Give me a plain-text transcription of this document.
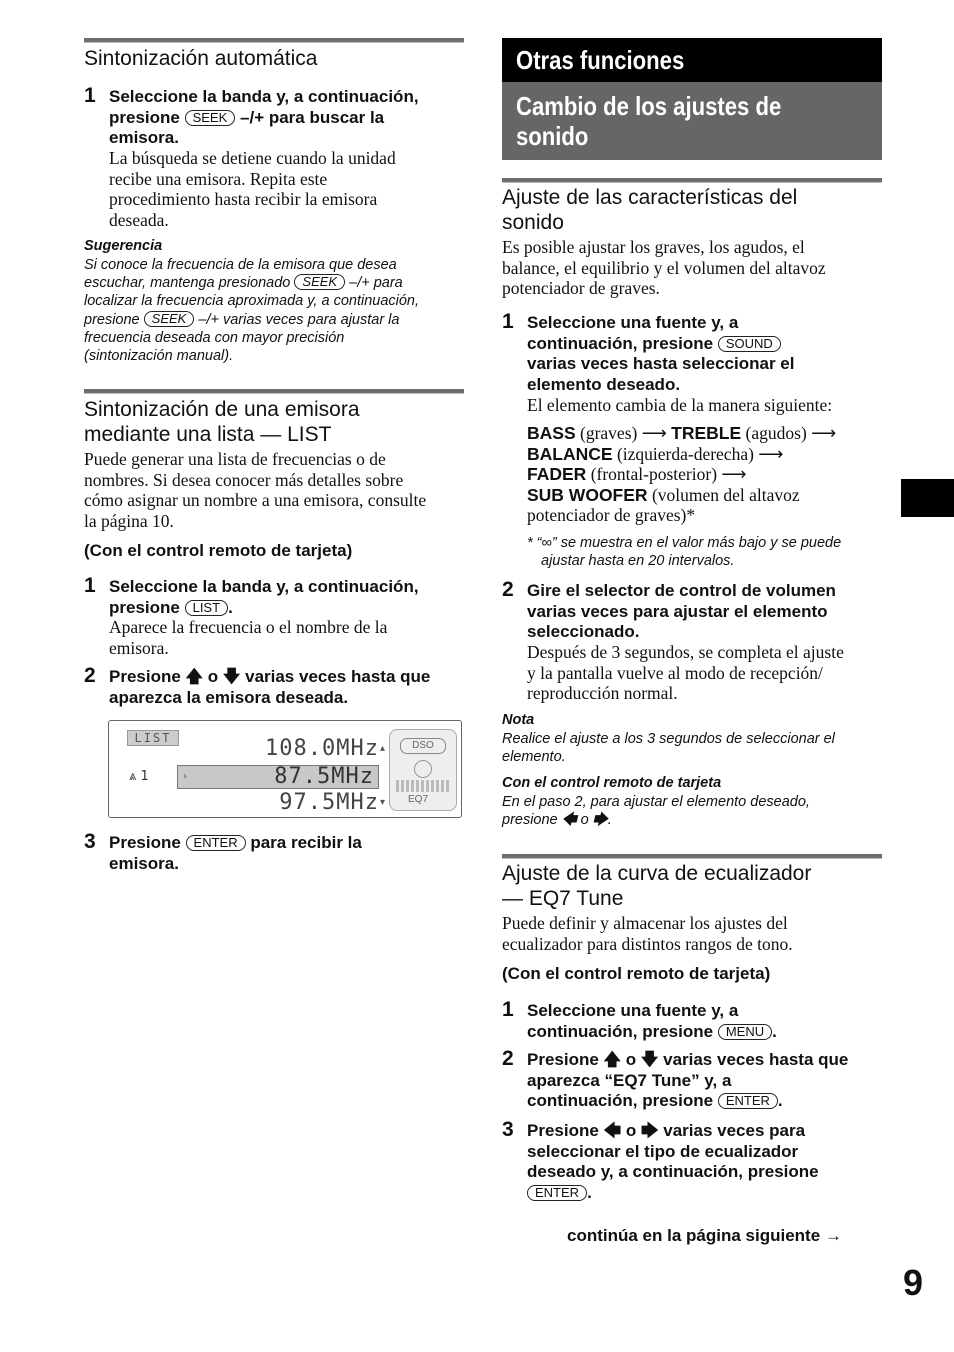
Sintonización automática
1 Seleccione la banda y, a continuación,
presione SEEK –/+ para buscar la
emisora.
La búsqueda se detiene cuando la unidad
recibe una emisora. Repita este
procedimiento hasta recibir la emisora
deseada.
Sugerencia
Si conoce la frecuencia de la emisora que desea
escuchar, mantenga presionado SEEK –/+ para
localizar la frecuencia aproximada y, a continuación,
presione SEEK –/+ varias veces para ajustar la
frecuencia deseada con mayor precisión
(sintonización manual).
Sintonización de una emisora
mediante una lista — LIST
Puede generar una lista de frecuencias o de
nombres. Si desea conocer más detalles sobre
cómo asignar un nombre a una emisora, consulte
la página 10.
(Con el control remoto de tarjeta)
1 Seleccione la banda y, a continuación,
presione LIST .
Aparece la frecuencia o el nombre de la
emisora.
2 Presione 🡅 o 🡇 varias veces hasta que
aparezca la emisora deseada.
LIST	108.0MHz ▴
⩓ 1	›	87.5MHz
97.5MHz ▾
DSO
EQ7
3 Presione ENTER para recibir la
emisora.
Otras funciones
Cambio de los ajustes de
sonido
Ajuste de las características del
sonido
Es posible ajustar los graves, los agudos, el
balance, el equilibrio y el volumen del altavoz
potenciador de graves.
1 Seleccione una fuente y, a
continuación, presione SOUND
varias veces hasta seleccionar el
elemento deseado.
El elemento cambia de la manera siguiente:
BASS (graves) ⟶ TREBLE (agudos) ⟶
BALANCE (izquierda-derecha) ⟶
FADER (frontal-posterior) ⟶
SUB WOOFER (volumen del altavoz
potenciador de graves)*
* “∞” se muestra en el valor más bajo y se puede
ajustar hasta en 20 intervalos.
2 Gire el selector de control de volumen
varias veces para ajustar el elemento
seleccionado.
Después de 3 segundos, se completa el ajuste
y la pantalla vuelve al modo de recepción/
reproducción normal.
Nota
Realice el ajuste a los 3 segundos de seleccionar el
elemento.
Con el control remoto de tarjeta
En el paso 2, para ajustar el elemento deseado,
presione 🡄 o 🡆.
Ajuste de la curva de ecualizador
— EQ7 Tune
Puede definir y almacenar los ajustes del
ecualizador para distintos rangos de tono.
(Con el control remoto de tarjeta)
1 Seleccione una fuente y, a
continuación, presione MENU .
2 Presione 🡅 o 🡇 varias veces hasta que
aparezca “EQ7 Tune” y, a
continuación, presione ENTER .
3 Presione 🡄 o 🡆 varias veces para
seleccionar el tipo de ecualizador
deseado y, a continuación, presione
ENTER .
continúa en la página siguiente →
9
